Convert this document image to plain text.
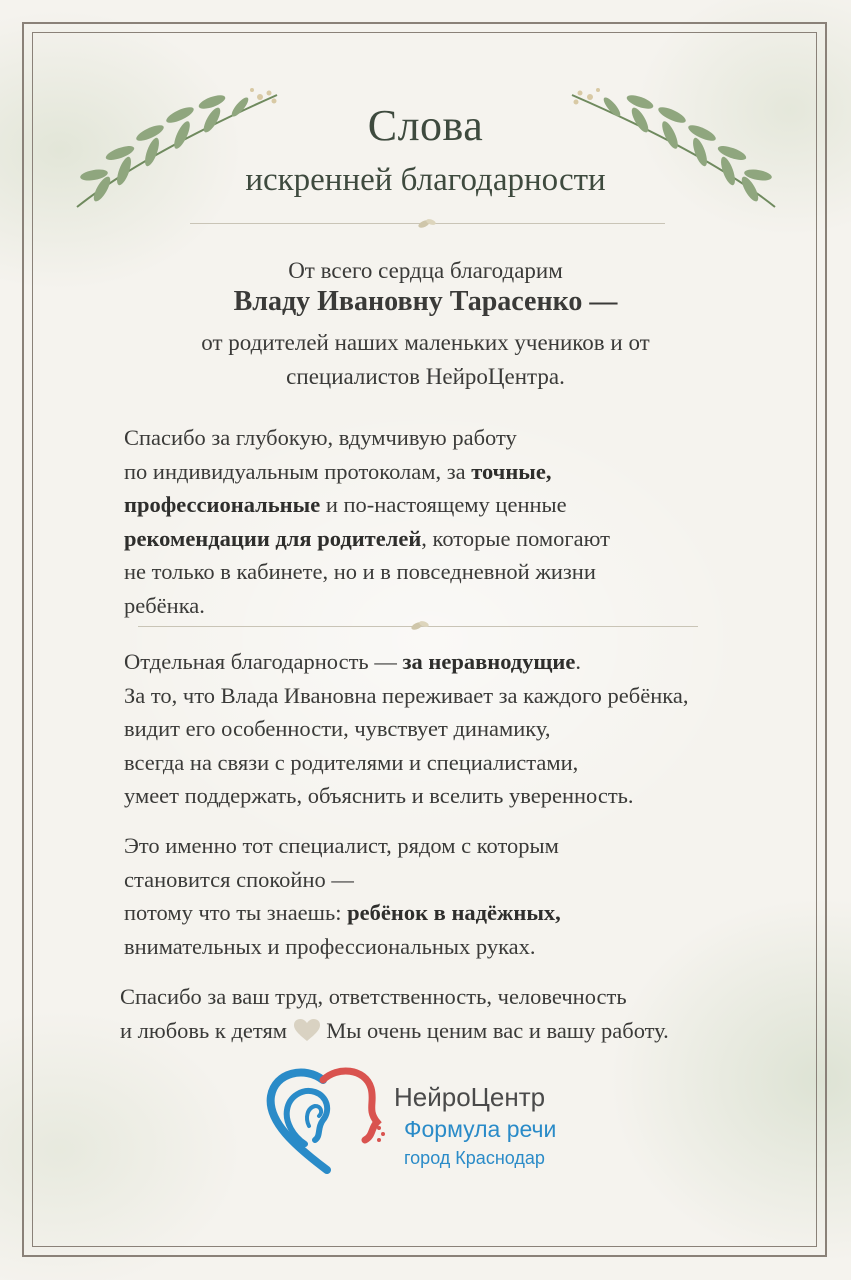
Слова
искренней благодарности
От всего сердца благодарим
Владу Ивановну Тарасенко —
от родителей наших маленьких учеников и от
специалистов НейроЦентра.
Спасибо за глубокую, вдумчивую работу
по индивидуальным протоколам, за точные,
профессиональные и по-настоящему ценные
рекомендации для родителей, которые помогают
не только в кабинете, но и в повседневной жизни
ребёнка.
Отдельная благодарность — за неравнодущие.
За то, что Влада Ивановна переживает за каждого ребёнка,
видит его особенности, чувствует динамику,
всегда на связи с родителями и специалистами,
умеет поддержать, объяснить и вселить уверенность.
Это именно тот специалист, рядом с которым
становится спокойно —
потому что ты знаешь: ребёнок в надёжных,
внимательных и профессиональных руках.
Спасибо за ваш труд, ответственность, человечность
и любовь к детям  Мы очень ценим вас и вашу работу.
НейроЦентр
Формула речи
город Краснодар
